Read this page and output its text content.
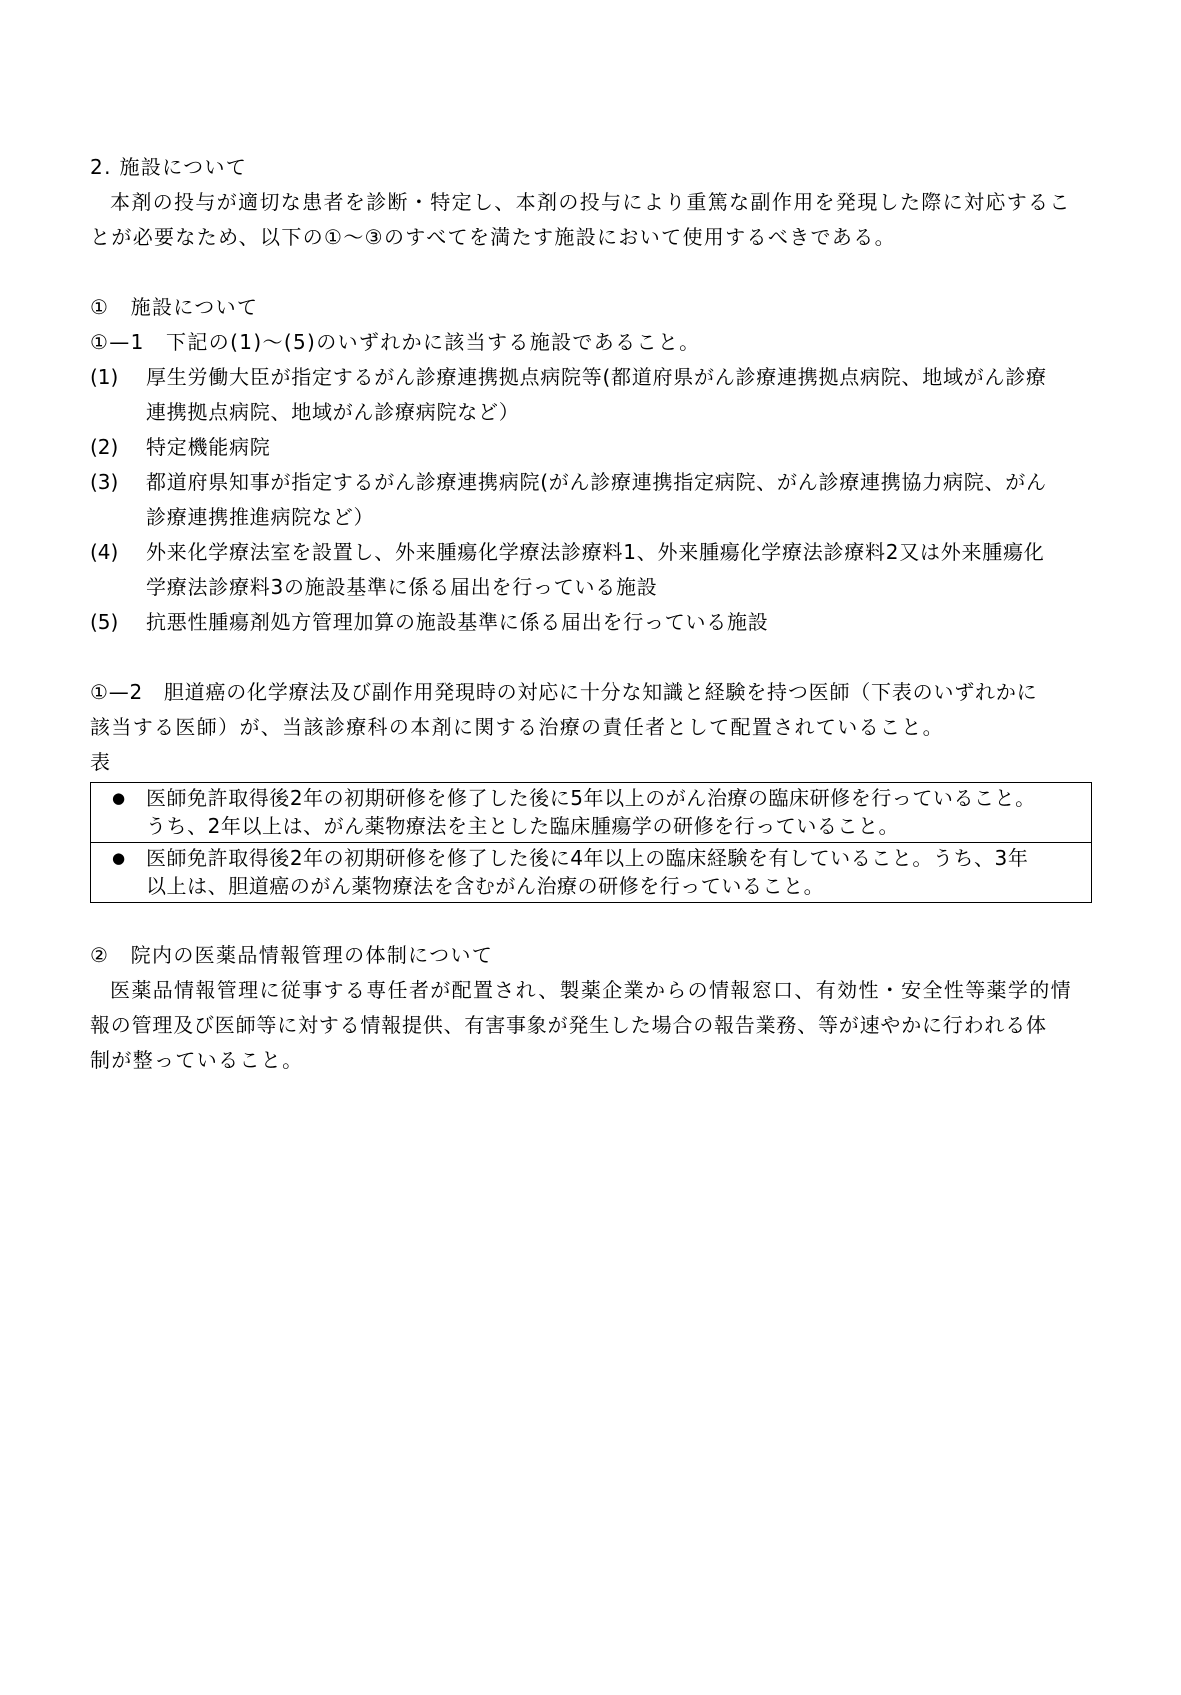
2. 施設について
本剤の投与が適切な患者を診断・特定し、本剤の投与により重篤な副作用を発現した際に対応するこ
とが必要なため、以下の①～③のすべてを満たす施設において使用するべきである。
①　施設について
①—1　下記の(1)～(5)のいずれかに該当する施設であること。
(1)	厚生労働大臣が指定するがん診療連携拠点病院等(都道府県がん診療連携拠点病院、地域がん診療
連携拠点病院、地域がん診療病院など）
(2)	特定機能病院
(3)	都道府県知事が指定するがん診療連携病院(がん診療連携指定病院、がん診療連携協力病院、がん
診療連携推進病院など）
(4)	外来化学療法室を設置し、外来腫瘍化学療法診療料1、外来腫瘍化学療法診療料2又は外来腫瘍化
学療法診療料3の施設基準に係る届出を行っている施設
(5)	抗悪性腫瘍剤処方管理加算の施設基準に係る届出を行っている施設
①—2　胆道癌の化学療法及び副作用発現時の対応に十分な知識と経験を持つ医師（下表のいずれかに
該当する医師）が、当該診療科の本剤に関する治療の責任者として配置されていること。
表
●	医師免許取得後2年の初期研修を修了した後に5年以上のがん治療の臨床研修を行っていること。
うち、2年以上は、がん薬物療法を主とした臨床腫瘍学の研修を行っていること。

●	医師免許取得後2年の初期研修を修了した後に4年以上の臨床経験を有していること。うち、3年
以上は、胆道癌のがん薬物療法を含むがん治療の研修を行っていること。
②　院内の医薬品情報管理の体制について
医薬品情報管理に従事する専任者が配置され、製薬企業からの情報窓口、有効性・安全性等薬学的情
報の管理及び医師等に対する情報提供、有害事象が発生した場合の報告業務、等が速やかに行われる体
制が整っていること。
